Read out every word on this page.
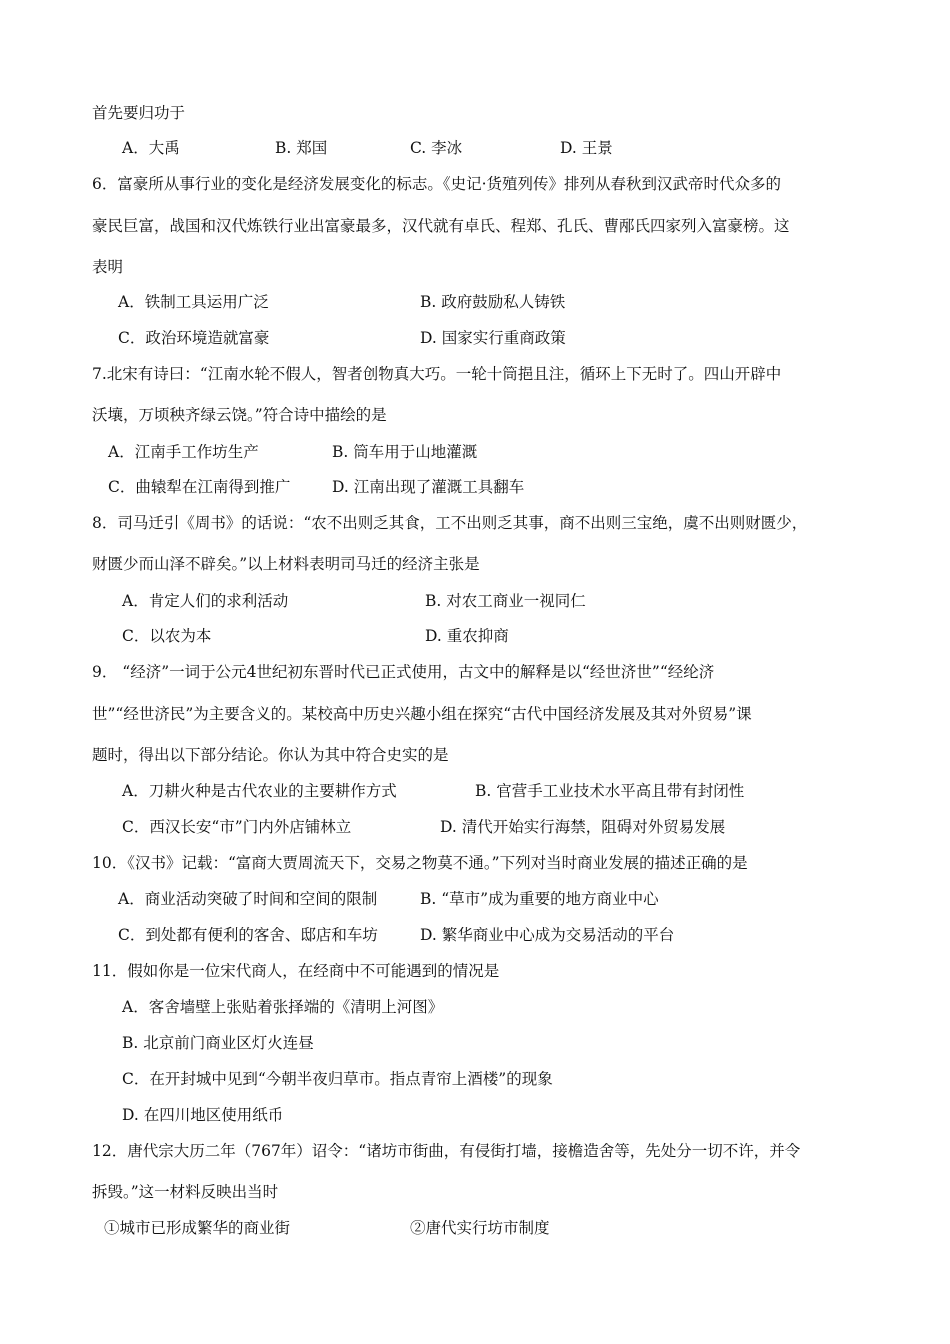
首先要归功于
A．大禹	B. 郑国	C. 李冰	D. 王景
6．富豪所从事行业的变化是经济发展变化的标志。《史记·货殖列传》排列从春秋到汉武帝时代众多的
豪民巨富，战国和汉代炼铁行业出富豪最多，汉代就有卓氏、程郑、孔氏、曹邴氏四家列入富豪榜。这
表明
A．铁制工具运用广泛	B. 政府鼓励私人铸铁
C．政治环境造就富豪	D. 国家实行重商政策
7.北宋有诗曰：“江南水轮不假人，智者创物真大巧。一轮十筒挹且注，循环上下无时了。四山开辟中
沃壤，万顷秧齐绿云饶。”符合诗中描绘的是
A．江南手工作坊生产	B. 筒车用于山地灌溉
C．曲辕犁在江南得到推广	D. 江南出现了灌溉工具翻车
8．司马迁引《周书》的话说：“农不出则乏其食，工不出则乏其事，商不出则三宝绝，虞不出则财匮少，
财匮少而山泽不辟矣。”以上材料表明司马迁的经济主张是
A．肯定人们的求利活动	B. 对农工商业一视同仁
C．以农为本	D. 重农抑商
9． “经济”一词于公元4世纪初东晋时代已正式使用，古文中的解释是以“经世济世”“经纶济
世”“经世济民”为主要含义的。某校高中历史兴趣小组在探究“古代中国经济发展及其对外贸易”课
题时，得出以下部分结论。你认为其中符合史实的是
A．刀耕火种是古代农业的主要耕作方式	B. 官营手工业技术水平高且带有封闭性
C．西汉长安“市”门内外店铺林立	D. 清代开始实行海禁，阻碍对外贸易发展
10．《汉书》记载：“富商大贾周流天下，交易之物莫不通。”下列对当时商业发展的描述正确的是
A．商业活动突破了时间和空间的限制	B. “草市”成为重要的地方商业中心
C．到处都有便利的客舍、邸店和车坊	D. 繁华商业中心成为交易活动的平台
11．假如你是一位宋代商人，在经商中不可能遇到的情况是
A．客舍墙壁上张贴着张择端的《清明上河图》
B. 北京前门商业区灯火连昼
C．在开封城中见到“今朝半夜归草市。指点青帘上酒楼”的现象
D. 在四川地区使用纸币
12．唐代宗大历二年（767年）诏令：“诸坊市街曲，有侵街打墙，接檐造舍等，先处分一切不许，并令
拆毁。”这一材料反映出当时
①城市已形成繁华的商业街	②唐代实行坊市制度
